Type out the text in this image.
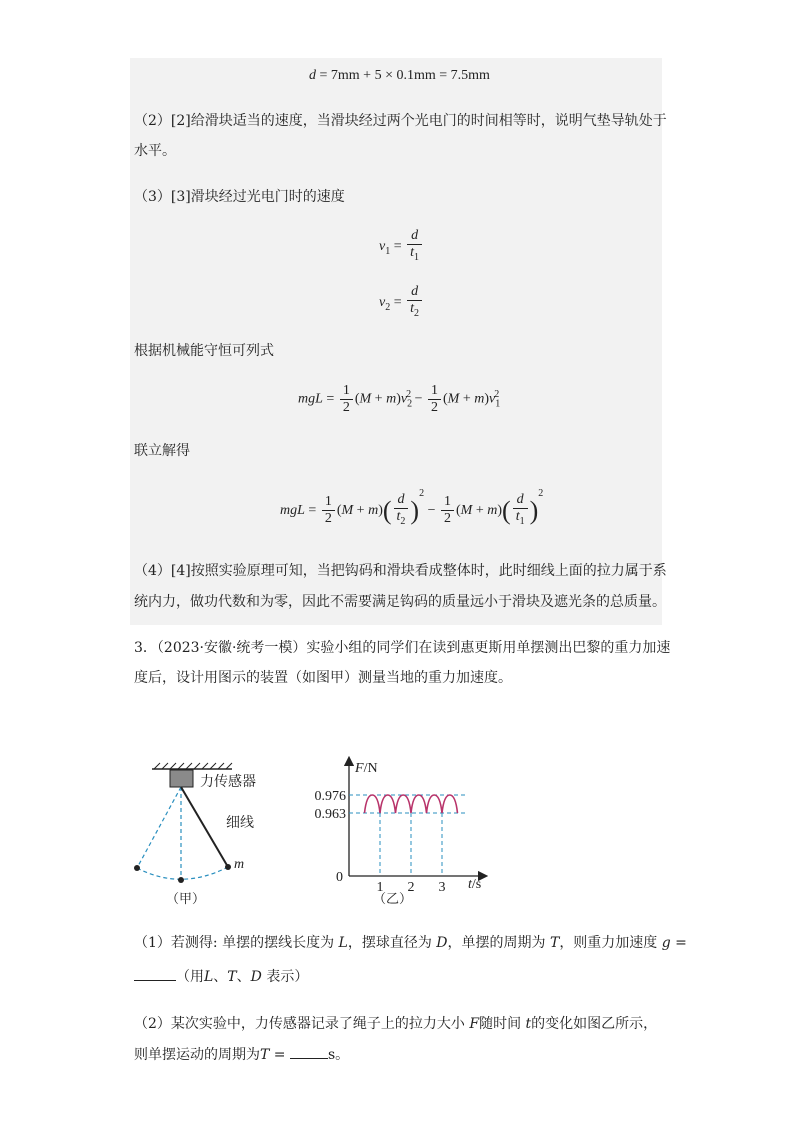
d = 7mm + 5 × 0.1mm = 7.5mm
（2）[2]给滑块适当的速度，当滑块经过两个光电门的时间相等时，说明气垫导轨处于
水平。
（3）[3]滑块经过光电门时的速度
$v_1 = \frac{d}{t_1}$
$v_2 = \frac{d}{t_2}$
根据机械能守恒可列式
mgL = $\frac{1}{2} (M + m)v_2^2 - \frac{1}{2} (M + m)v_1^2$
联立解得
mgL = $\frac{1}{2} (M + m)( \frac{d}{t_2} )^2 - \frac{1}{2} (M + m)( \frac{d}{t_1} )^2$
（4）[4]按照实验原理可知，当把钩码和滑块看成整体时，此时细线上面的拉力属于系
统内力，做功代数和为零，因此不需要满足钩码的质量远小于滑块及遮光条的总质量。
3．（2023·安徽·统考一模）实验小组的同学们在读到惠更斯用单摆测出巴黎的重力加速
度后，设计用图示的装置（如图甲）测量当地的重力加速度。
力传感器
细线
m
（甲）
F/N
t/s
0
0.976
0.963
1 2 3
（乙）
（1）若测得: 单摆的摆线长度为 L，摆球直径为 D，单摆的周期为 T，则重力加速度 g =
（用L、T、D 表示）
（2）某次实验中，力传感器记录了绳子上的拉力大小 F随时间 t的变化如图乙所示，
则单摆运动的周期为T =	s。
